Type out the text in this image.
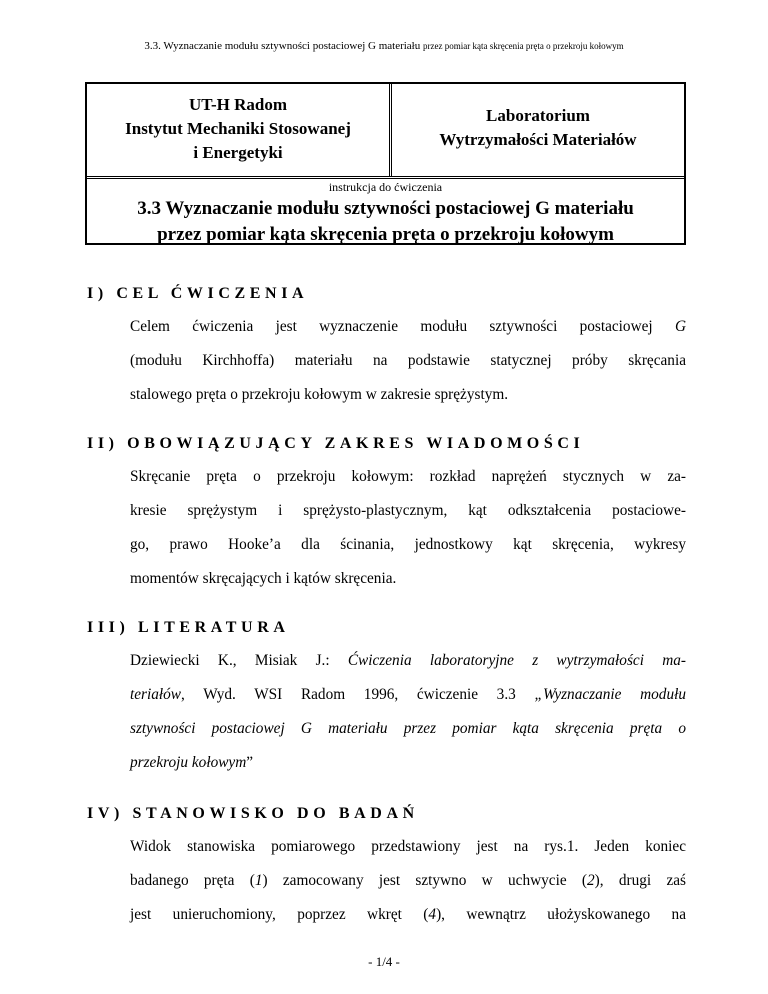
3.3. Wyznaczanie modułu sztywności postaciowej G materiału przez pomiar kąta skręcenia pręta o przekroju kołowym
UT-H Radom
Instytut Mechaniki Stosowanej
i Energetyki
Laboratorium
Wytrzymałości Materiałów
instrukcja do ćwiczenia
3.3 Wyznaczanie modułu sztywności postaciowej G materiału
przez pomiar kąta skręcenia pręta o przekroju kołowym
I) CEL ĆWICZENIA
Celem ćwiczenia jest wyznaczenie modułu sztywności postaciowej G
(modułu Kirchhoffa) materiału na podstawie statycznej próby skręcania
stalowego pręta o przekroju kołowym w zakresie sprężystym.
II) OBOWIĄZUJĄCY ZAKRES WIADOMOŚCI
Skręcanie pręta o przekroju kołowym: rozkład naprężeń stycznych w za-
kresie sprężystym i sprężysto-plastycznym, kąt odkształcenia postaciowe-
go, prawo Hooke’a dla ścinania, jednostkowy kąt skręcenia, wykresy
momentów skręcających i kątów skręcenia.
III) LITERATURA
Dziewiecki K., Misiak J.: Ćwiczenia laboratoryjne z wytrzymałości ma-
teriałów, Wyd. WSI Radom 1996, ćwiczenie 3.3 „Wyznaczanie modułu
sztywności postaciowej G materiału przez pomiar kąta skręcenia pręta o
przekroju kołowym”
IV) STANOWISKO DO BADAŃ
Widok stanowiska pomiarowego przedstawiony jest na rys.1. Jeden koniec
badanego pręta (1) zamocowany jest sztywno w uchwycie (2), drugi zaś
jest unieruchomiony, poprzez wkręt (4), wewnątrz ułożyskowanego na
- 1/4 -
